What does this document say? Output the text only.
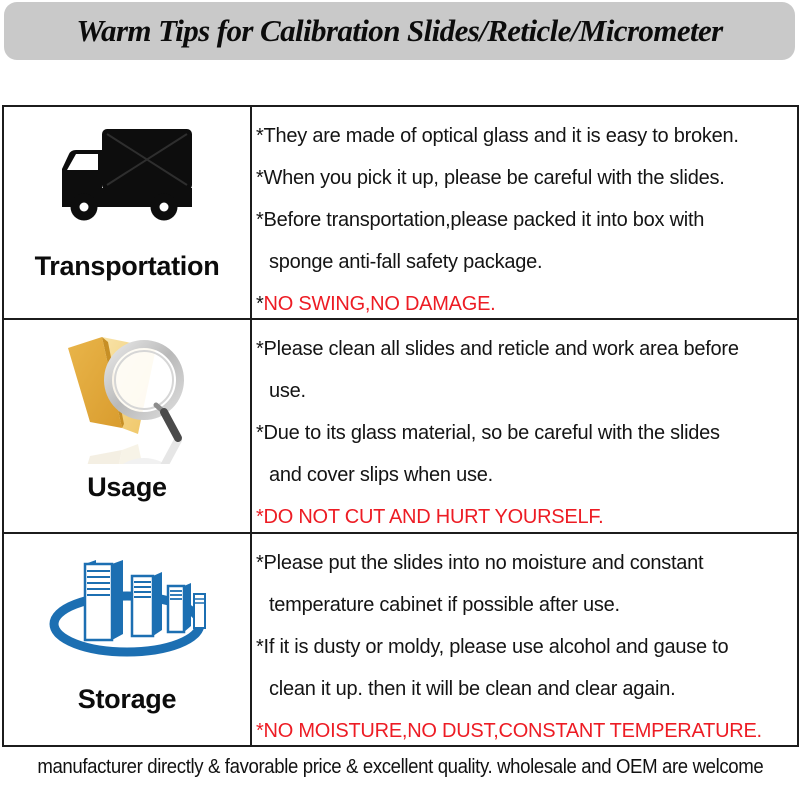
Warm Tips for Calibration Slides/Reticle/Micrometer
Transportation
*They are made of optical glass and it is easy to broken.
*When you pick it up, please be careful with the slides.
*Before transportation,please packed it into box with
sponge anti-fall safety package.
*NO SWING,NO DAMAGE.
Usage
*Please clean all slides and reticle and work area before
use.
*Due to its glass material, so be careful with the slides
and cover slips when use.
*DO NOT CUT AND HURT YOURSELF.
Storage
*Please put the slides into no moisture and constant
temperature cabinet if possible after use.
*If it is dusty or moldy, please use alcohol and gause to
clean it up. then it will be clean and clear again.
*NO MOISTURE,NO DUST,CONSTANT TEMPERATURE.
manufacturer directly & favorable price & excellent quality. wholesale and OEM are welcome
